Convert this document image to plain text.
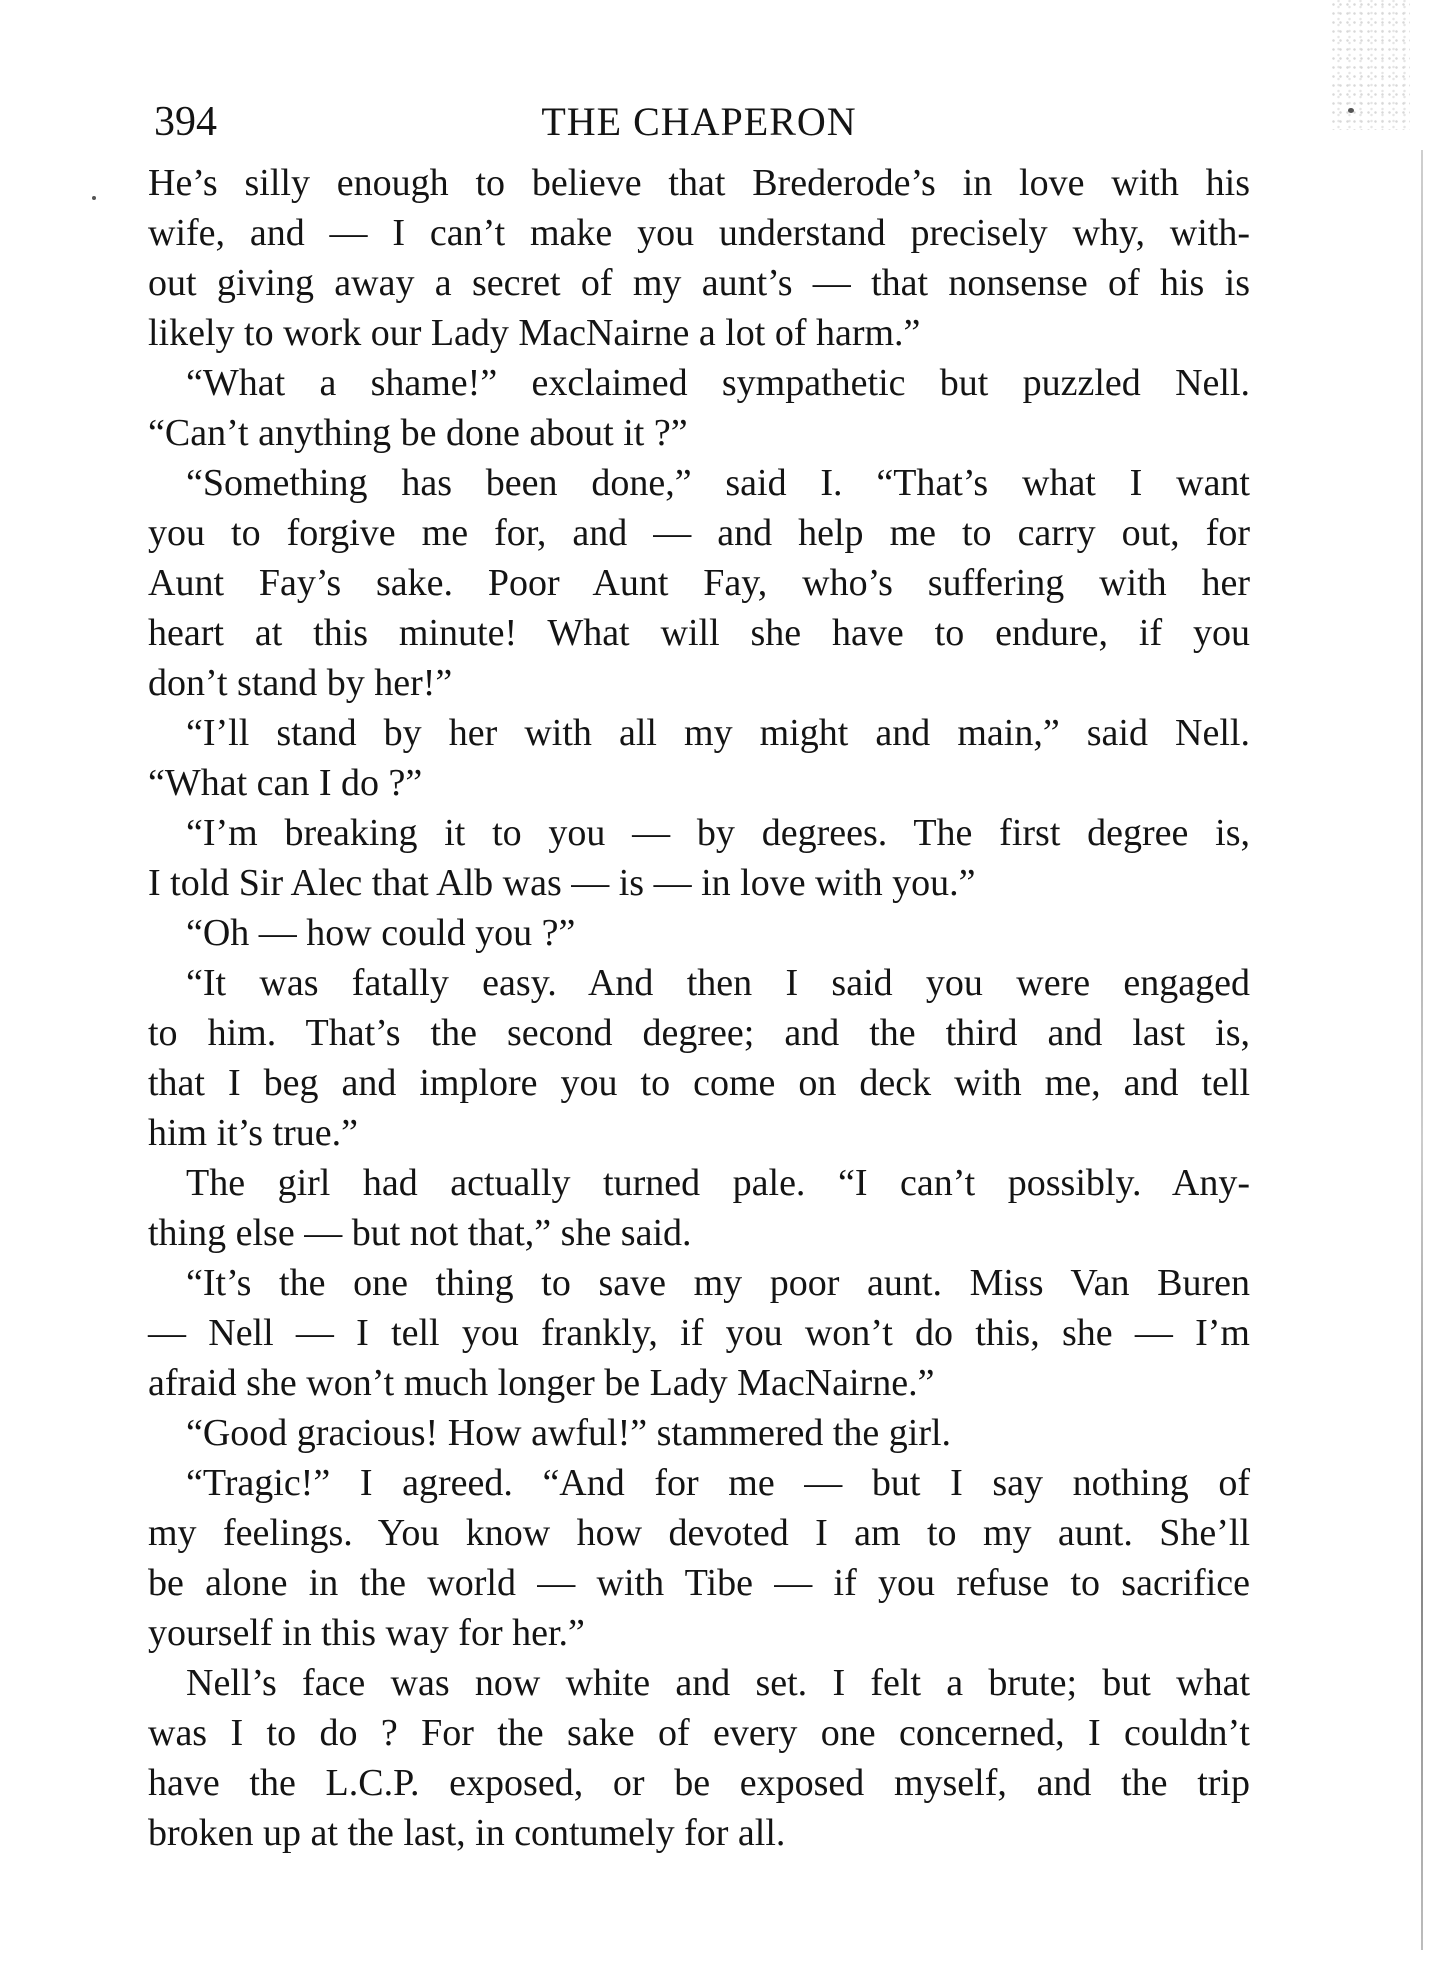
394	THE CHAPERON
He’s silly enough to believe that Brederode’s in love with his
wife, and — I can’t make you understand precisely why, with-
out giving away a secret of my aunt’s — that nonsense of his is
likely to work our Lady MacNairne a lot of harm.”
“What a shame!” exclaimed sympathetic but puzzled Nell.
“Can’t anything be done about it ?”
“Something has been done,” said I. “That’s what I want
you to forgive me for, and — and help me to carry out, for
Aunt Fay’s sake. Poor Aunt Fay, who’s suffering with her
heart at this minute! What will she have to endure, if you
don’t stand by her!”
“I’ll stand by her with all my might and main,” said Nell.
“What can I do ?”
“I’m breaking it to you — by degrees. The first degree is,
I told Sir Alec that Alb was — is — in love with you.”
“Oh — how could you ?”
“It was fatally easy. And then I said you were engaged
to him. That’s the second degree; and the third and last is,
that I beg and implore you to come on deck with me, and tell
him it’s true.”
The girl had actually turned pale. “I can’t possibly. Any-
thing else — but not that,” she said.
“It’s the one thing to save my poor aunt. Miss Van Buren
— Nell — I tell you frankly, if you won’t do this, she — I’m
afraid she won’t much longer be Lady MacNairne.”
“Good gracious! How awful!” stammered the girl.
“Tragic!” I agreed. “And for me — but I say nothing of
my feelings. You know how devoted I am to my aunt. She’ll
be alone in the world — with Tibe — if you refuse to sacrifice
yourself in this way for her.”
Nell’s face was now white and set. I felt a brute; but what
was I to do ? For the sake of every one concerned, I couldn’t
have the L.C.P. exposed, or be exposed myself, and the trip
broken up at the last, in contumely for all.
